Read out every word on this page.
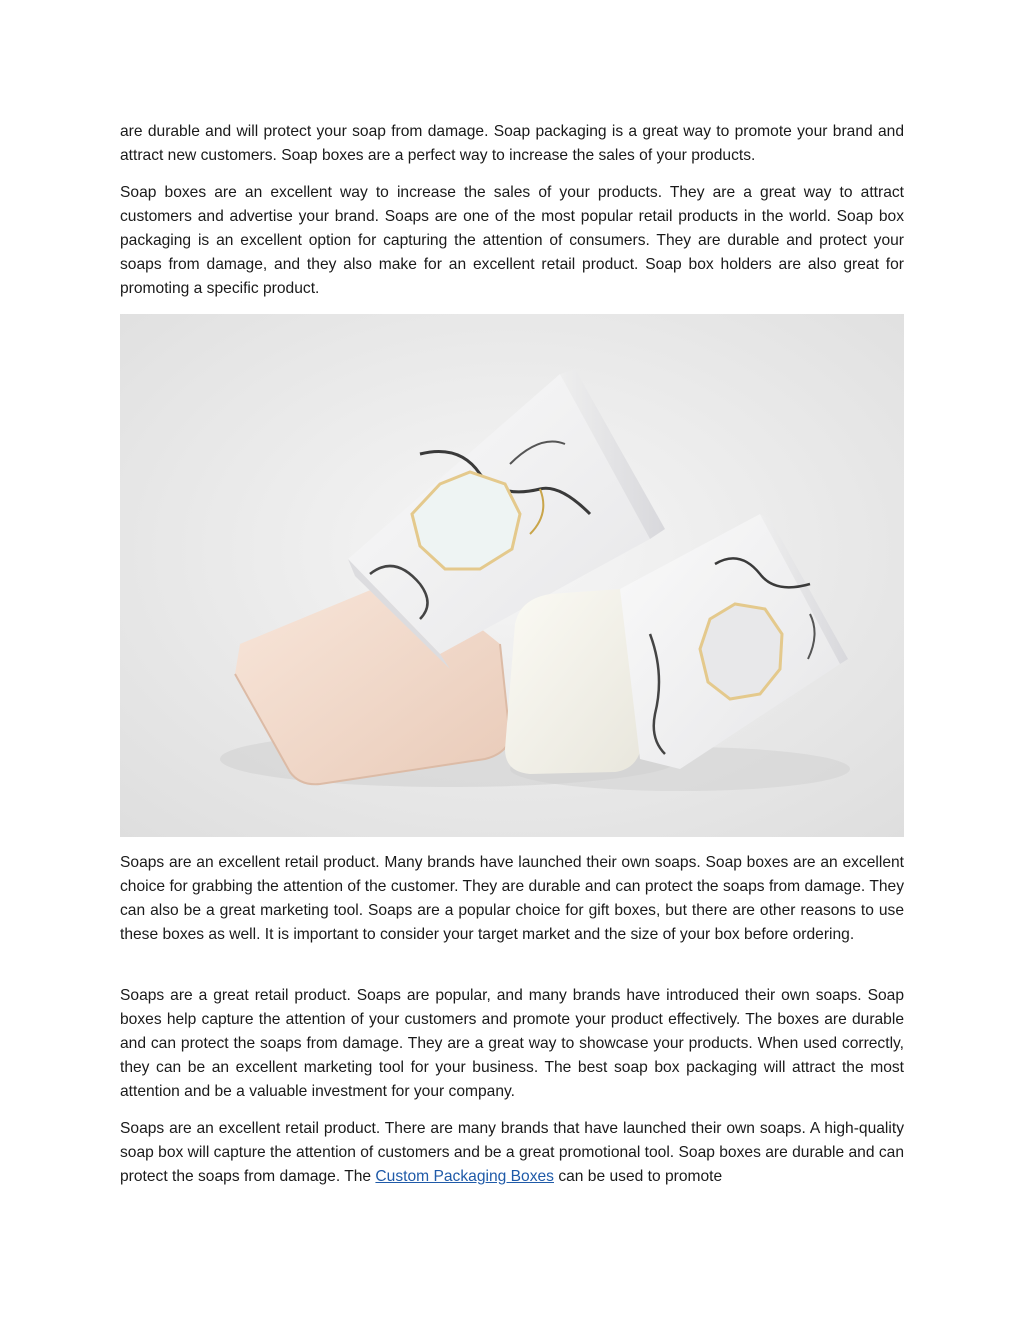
are durable and will protect your soap from damage. Soap packaging is a great way to promote your brand and attract new customers. Soap boxes are a perfect way to increase the sales of your products.

Soap boxes are an excellent way to increase the sales of your products. They are a great way to attract customers and advertise your brand. Soaps are one of the most popular retail products in the world. Soap box packaging is an excellent option for capturing the attention of consumers. They are durable and protect your soaps from damage, and they also make for an excellent retail product. Soap box holders are also great for promoting a specific product.

Soaps are an excellent retail product. Many brands have launched their own soaps. Soap boxes are an excellent choice for grabbing the attention of the customer. They are durable and can protect the soaps from damage. They can also be a great marketing tool. Soaps are a popular choice for gift boxes, but there are other reasons to use these boxes as well. It is important to consider your target market and the size of your box before ordering.

Soaps are a great retail product. Soaps are popular, and many brands have introduced their own soaps. Soap boxes help capture the attention of your customers and promote your product effectively. The boxes are durable and can protect the soaps from damage. They are a great way to showcase your products. When used correctly, they can be an excellent marketing tool for your business. The best soap box packaging will attract the most attention and be a valuable investment for your company.

Soaps are an excellent retail product. There are many brands that have launched their own soaps. A high-quality soap box will capture the attention of customers and be a great promotional tool. Soap boxes are durable and can protect the soaps from damage. The Custom Packaging Boxes can be used to promote
